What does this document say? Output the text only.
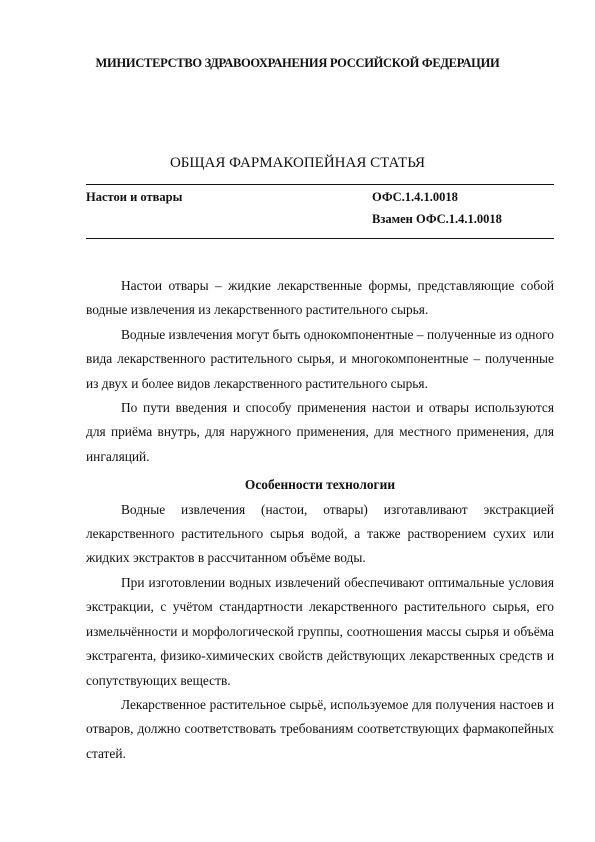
МИНИСТЕРСТВО ЗДРАВООХРАНЕНИЯ РОССИЙСКОЙ ФЕДЕРАЦИИ
ОБЩАЯ ФАРМАКОПЕЙНАЯ СТАТЬЯ
Настои и отвары	ОФС.1.4.1.0018
Взамен ОФС.1.4.1.0018

Настои отвары – жидкие лекарственные формы, представляющие собой водные извлечения из лекарственного растительного сырья.

Водные извлечения могут быть однокомпонентные – полученные из одного вида лекарственного растительного сырья, и многокомпонентные – полученные из двух и более видов лекарственного растительного сырья.

По пути введения и способу применения настои и отвары используются для приёма внутрь, для наружного применения, для местного применения, для ингаляций.

Особенности технологии

Водные извлечения (настои, отвары) изготавливают экстракцией лекарственного растительного сырья водой, а также растворением сухих или жидких экстрактов в рассчитанном объёме воды.

При изготовлении водных извлечений обеспечивают оптимальные условия экстракции, с учётом стандартности лекарственного растительного сырья, его измельчённости и морфологической группы, соотношения массы сырья и объёма экстрагента, физико-химических свойств действующих лекарственных средств и сопутствующих веществ.

Лекарственное растительное сырьё, используемое для получения настоев и отваров, должно соответствовать требованиям соответствующих фармакопейных статей.
